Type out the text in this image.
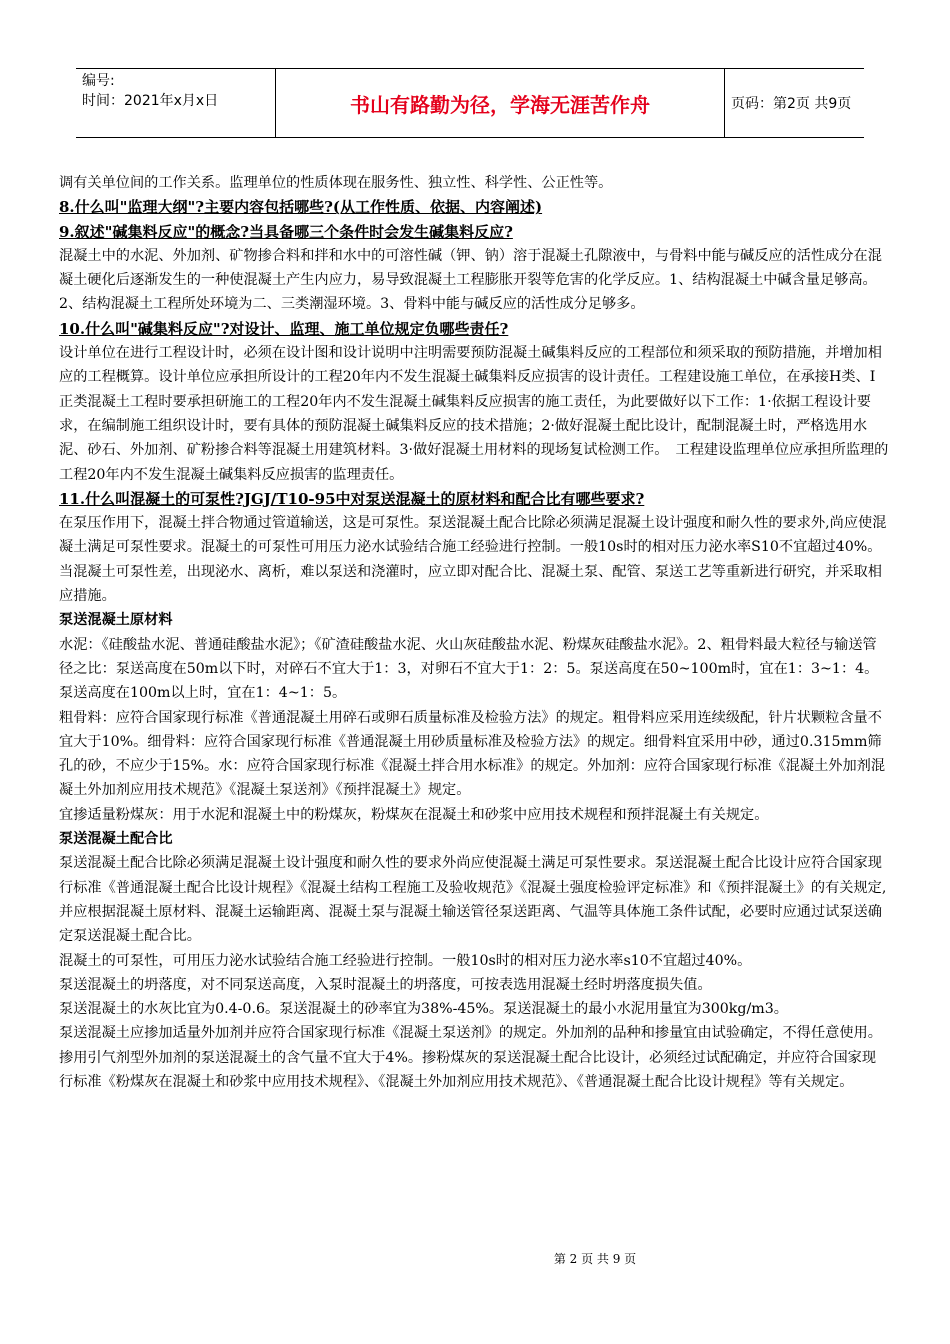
编号:
时间：2021年x月x日	书山有路勤为径，学海无涯苦作舟	页码：第2页 共9页

调有关单位间的工作关系。监理单位的性质体现在服务性、独立性、科学性、公正性等。

8.什么叫"监理大纲"?主要内容包括哪些?(从工作性质、依据、内容阐述)

9.叙述"碱集料反应"的概念?当具备哪三个条件时会发生碱集料反应?

混凝土中的水泥、外加剂、矿物掺合料和拌和水中的可溶性碱（钾、钠）溶于混凝土孔隙液中，与骨料中能与碱反应的活性成分在混凝土硬化后逐渐发生的一种使混凝土产生内应力，易导致混凝土工程膨胀开裂等危害的化学反应。1、结构混凝土中碱含量足够高。2、结构混凝土工程所处环境为二、三类潮湿环境。3、骨料中能与碱反应的活性成分足够多。

10.什么叫"碱集料反应"?对设计、监理、施工单位规定负哪些责任?

设计单位在进行工程设计时，必须在设计图和设计说明中注明需要预防混凝土碱集料反应的工程部位和须采取的预防措施，并增加相应的工程概算。设计单位应承担所设计的工程20年内不发生混凝土碱集料反应损害的设计责任。工程建设施工单位，在承接H类、I正类混凝土工程时要承担研施工的工程20年内不发生混凝土碱集料反应损害的施工责任，为此要做好以下工作：1·依据工程设计要求，在编制施工组织设计时，要有具体的预防混凝土碱集料反应的技术措施；2·做好混凝土配比设计，配制混凝土时，严格选用水泥、砂石、外加剂、矿粉掺合料等混凝土用建筑材料。3·做好混凝土用材料的现场复试检测工作。　工程建设监理单位应承担所监理的工程20年内不发生混凝土碱集料反应损害的监理责任。

11.什么叫混凝土的可泵性?JGJ/T10-95中对泵送混凝土的原材料和配合比有哪些要求?

在泵压作用下，混凝土拌合物通过管道输送，这是可泵性。泵送混凝土配合比除必须满足混凝土设计强度和耐久性的要求外,尚应使混凝土满足可泵性要求。混凝土的可泵性可用压力泌水试验结合施工经验进行控制。一般10s时的相对压力泌水率S10不宜超过40%。当混凝土可泵性差，出现泌水、离析，难以泵送和浇灌时，应立即对配合比、混凝土泵、配管、泵送工艺等重新进行研究，并采取相应措施。

泵送混凝土原材料

水泥：《硅酸盐水泥、普通硅酸盐水泥》；《矿渣硅酸盐水泥、火山灰硅酸盐水泥、粉煤灰硅酸盐水泥》。2、粗骨料最大粒径与输送管径之比：泵送高度在50m以下时，对碎石不宜大于1：3，对卵石不宜大于1：2：5。泵送高度在50~100m时，宜在1：3~1：4。泵送高度在100m以上时，宜在1：4~1：5。

粗骨料：应符合国家现行标准《普通混凝土用碎石或卵石质量标准及检验方法》的规定。粗骨料应采用连续级配，针片状颗粒含量不宜大于10%。细骨料：应符合国家现行标准《普通混凝土用砂质量标准及检验方法》的规定。细骨料宜采用中砂，通过0.315mm筛孔的砂，不应少于15%。水：应符合国家现行标准《混凝土拌合用水标准》的规定。外加剂：应符合国家现行标准《混凝土外加剂混凝土外加剂应用技术规范》《混凝土泵送剂》《预拌混凝土》规定。

宜掺适量粉煤灰：用于水泥和混凝土中的粉煤灰，粉煤灰在混凝土和砂浆中应用技术规程和预拌混凝土有关规定。

泵送混凝土配合比

泵送混凝土配合比除必须满足混凝土设计强度和耐久性的要求外尚应使混凝土满足可泵性要求。泵送混凝土配合比设计应符合国家现行标准《普通混凝土配合比设计规程》《混凝土结构工程施工及验收规范》《混凝土强度检验评定标准》和《预拌混凝土》的有关规定,并应根据混凝土原材料、混凝土运输距离、混凝土泵与混凝土输送管径泵送距离、气温等具体施工条件试配，必要时应通过试泵送确定泵送混凝土配合比。

混凝土的可泵性，可用压力泌水试验结合施工经验进行控制。一般10s时的相对压力泌水率s10不宜超过40%。

泵送混凝土的坍落度，对不同泵送高度，入泵时混凝土的坍落度，可按表选用混凝土经时坍落度损失值。

泵送混凝土的水灰比宜为0.4-0.6。泵送混凝土的砂率宜为38%-45%。泵送混凝土的最小水泥用量宜为300kg/m3。

泵送混凝土应掺加适量外加剂并应符合国家现行标准《混凝土泵送剂》的规定。外加剂的品种和掺量宜由试验确定，不得任意使用。掺用引气剂型外加剂的泵送混凝土的含气量不宜大于4%。掺粉煤灰的泵送混凝土配合比设计，必须经过试配确定，并应符合国家现行标准《粉煤灰在混凝土和砂浆中应用技术规程》、《混凝土外加剂应用技术规范》、《普通混凝土配合比设计规程》等有关规定。

第 2 页 共 9 页
